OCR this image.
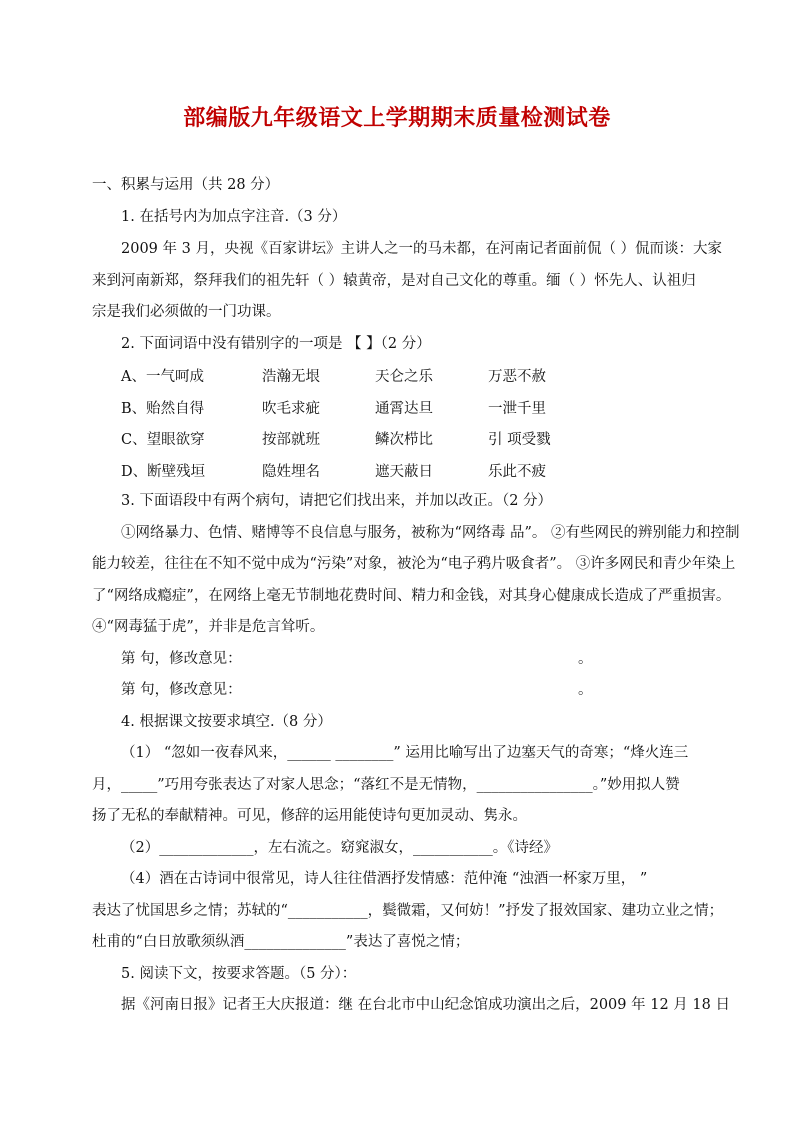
部编版九年级语文上学期期末质量检测试卷
一、积累与运用（共 28 分）
1. 在括号内为加点字注音.（3 分）
2009 年 3 月，央视《百家讲坛》主讲人之一的马未都，在河南记者面前侃（ ）侃而谈：大家
来到河南新郑，祭拜我们的祖先轩（ ）辕黄帝，是对自己文化的尊重。缅（ ）怀先人、认祖归
宗是我们必须做的一门功课。
2. 下面词语中没有错别字的一项是 【 】（2 分）
A、一气呵成	浩瀚无垠	天仑之乐	万恶不赦
B、贻然自得	吹毛求疵	通霄达旦	一泄千里
C、望眼欲穿	按部就班	鳞次栉比	引 项受戮
D、断壁残垣	隐姓埋名	遮天蔽日	乐此不疲
3. 下面语段中有两个病句，请把它们找出来，并加以改正。（2 分）
①网络暴力、色情、赌博等不良信息与服务，被称为“网络毒 品”。 ②有些网民的辨别能力和控制
能力较差，往往在不知不觉中成为“污染”对象，被沦为“电子鸦片吸食者”。 ③许多网民和青少年染上
了“网络成瘾症”，在网络上毫无节制地花费时间、精力和金钱，对其身心健康成长造成了严重损害。
④“网毒猛于虎”，并非是危言耸听。
第 句，修改意见：	。
第 句，修改意见：	。
4. 根据课文按要求填空.（8 分）
（1） “忽如一夜春风来，______ ________” 运用比喻写出了边塞天气的奇寒；“烽火连三
月，_____”巧用夸张表达了对家人思念；“落红不是无情物，________________。”妙用拟人赞
扬了无私的奉献精神。可见，修辞的运用能使诗句更加灵动、隽永。
（2）_____________，左右流之。窈窕淑女，___________。《诗经》
（4）酒在古诗词中很常见，诗人往往借酒抒发情感：范仲淹 “浊酒一杯家万里， ”
表达了忧国思乡之情；苏轼的“___________，鬓微霜，又何妨！”抒发了报效国家、建功立业之情；
杜甫的“白日放歌须纵酒______________”表达了喜悦之情；
5. 阅读下文，按要求答题。（5 分）：
据《河南日报》记者王大庆报道：继 在台北市中山纪念馆成功演出之后，2009 年 12 月 18 日
